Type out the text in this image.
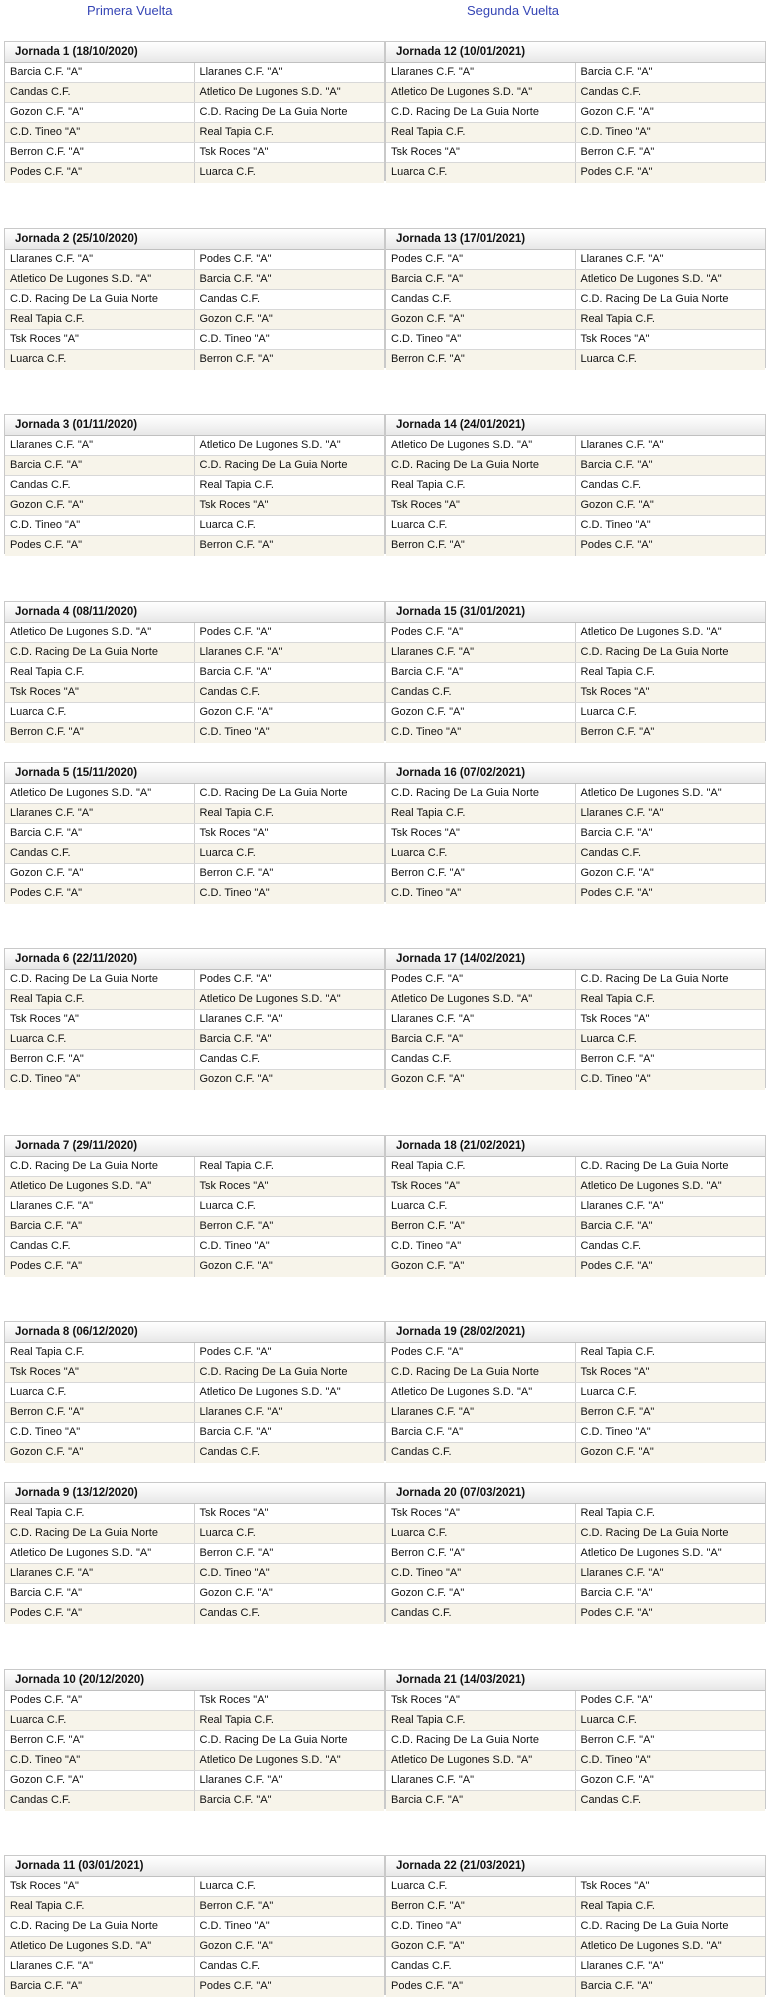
Primera Vuelta	Segunda Vuelta
Jornada 1 (18/10/2020)
Barcia C.F. "A"	Llaranes C.F. "A"
Candas C.F.	Atletico De Lugones S.D. "A"
Gozon C.F. "A"	C.D. Racing De La Guia Norte
C.D. Tineo "A"	Real Tapia C.F.
Berron C.F. "A"	Tsk Roces "A"
Podes C.F. "A"	Luarca C.F.
Jornada 12 (10/01/2021)
Llaranes C.F. "A"	Barcia C.F. "A"
Atletico De Lugones S.D. "A"	Candas C.F.
C.D. Racing De La Guia Norte	Gozon C.F. "A"
Real Tapia C.F.	C.D. Tineo "A"
Tsk Roces "A"	Berron C.F. "A"
Luarca C.F.	Podes C.F. "A"
Jornada 2 (25/10/2020)
Llaranes C.F. "A"	Podes C.F. "A"
Atletico De Lugones S.D. "A"	Barcia C.F. "A"
C.D. Racing De La Guia Norte	Candas C.F.
Real Tapia C.F.	Gozon C.F. "A"
Tsk Roces "A"	C.D. Tineo "A"
Luarca C.F.	Berron C.F. "A"
Jornada 13 (17/01/2021)
Podes C.F. "A"	Llaranes C.F. "A"
Barcia C.F. "A"	Atletico De Lugones S.D. "A"
Candas C.F.	C.D. Racing De La Guia Norte
Gozon C.F. "A"	Real Tapia C.F.
C.D. Tineo "A"	Tsk Roces "A"
Berron C.F. "A"	Luarca C.F.
Jornada 3 (01/11/2020)
Llaranes C.F. "A"	Atletico De Lugones S.D. "A"
Barcia C.F. "A"	C.D. Racing De La Guia Norte
Candas C.F.	Real Tapia C.F.
Gozon C.F. "A"	Tsk Roces "A"
C.D. Tineo "A"	Luarca C.F.
Podes C.F. "A"	Berron C.F. "A"
Jornada 14 (24/01/2021)
Atletico De Lugones S.D. "A"	Llaranes C.F. "A"
C.D. Racing De La Guia Norte	Barcia C.F. "A"
Real Tapia C.F.	Candas C.F.
Tsk Roces "A"	Gozon C.F. "A"
Luarca C.F.	C.D. Tineo "A"
Berron C.F. "A"	Podes C.F. "A"
Jornada 4 (08/11/2020)
Atletico De Lugones S.D. "A"	Podes C.F. "A"
C.D. Racing De La Guia Norte	Llaranes C.F. "A"
Real Tapia C.F.	Barcia C.F. "A"
Tsk Roces "A"	Candas C.F.
Luarca C.F.	Gozon C.F. "A"
Berron C.F. "A"	C.D. Tineo "A"
Jornada 15 (31/01/2021)
Podes C.F. "A"	Atletico De Lugones S.D. "A"
Llaranes C.F. "A"	C.D. Racing De La Guia Norte
Barcia C.F. "A"	Real Tapia C.F.
Candas C.F.	Tsk Roces "A"
Gozon C.F. "A"	Luarca C.F.
C.D. Tineo "A"	Berron C.F. "A"
Jornada 5 (15/11/2020)
Atletico De Lugones S.D. "A"	C.D. Racing De La Guia Norte
Llaranes C.F. "A"	Real Tapia C.F.
Barcia C.F. "A"	Tsk Roces "A"
Candas C.F.	Luarca C.F.
Gozon C.F. "A"	Berron C.F. "A"
Podes C.F. "A"	C.D. Tineo "A"
Jornada 16 (07/02/2021)
C.D. Racing De La Guia Norte	Atletico De Lugones S.D. "A"
Real Tapia C.F.	Llaranes C.F. "A"
Tsk Roces "A"	Barcia C.F. "A"
Luarca C.F.	Candas C.F.
Berron C.F. "A"	Gozon C.F. "A"
C.D. Tineo "A"	Podes C.F. "A"
Jornada 6 (22/11/2020)
C.D. Racing De La Guia Norte	Podes C.F. "A"
Real Tapia C.F.	Atletico De Lugones S.D. "A"
Tsk Roces "A"	Llaranes C.F. "A"
Luarca C.F.	Barcia C.F. "A"
Berron C.F. "A"	Candas C.F.
C.D. Tineo "A"	Gozon C.F. "A"
Jornada 17 (14/02/2021)
Podes C.F. "A"	C.D. Racing De La Guia Norte
Atletico De Lugones S.D. "A"	Real Tapia C.F.
Llaranes C.F. "A"	Tsk Roces "A"
Barcia C.F. "A"	Luarca C.F.
Candas C.F.	Berron C.F. "A"
Gozon C.F. "A"	C.D. Tineo "A"
Jornada 7 (29/11/2020)
C.D. Racing De La Guia Norte	Real Tapia C.F.
Atletico De Lugones S.D. "A"	Tsk Roces "A"
Llaranes C.F. "A"	Luarca C.F.
Barcia C.F. "A"	Berron C.F. "A"
Candas C.F.	C.D. Tineo "A"
Podes C.F. "A"	Gozon C.F. "A"
Jornada 18 (21/02/2021)
Real Tapia C.F.	C.D. Racing De La Guia Norte
Tsk Roces "A"	Atletico De Lugones S.D. "A"
Luarca C.F.	Llaranes C.F. "A"
Berron C.F. "A"	Barcia C.F. "A"
C.D. Tineo "A"	Candas C.F.
Gozon C.F. "A"	Podes C.F. "A"
Jornada 8 (06/12/2020)
Real Tapia C.F.	Podes C.F. "A"
Tsk Roces "A"	C.D. Racing De La Guia Norte
Luarca C.F.	Atletico De Lugones S.D. "A"
Berron C.F. "A"	Llaranes C.F. "A"
C.D. Tineo "A"	Barcia C.F. "A"
Gozon C.F. "A"	Candas C.F.
Jornada 19 (28/02/2021)
Podes C.F. "A"	Real Tapia C.F.
C.D. Racing De La Guia Norte	Tsk Roces "A"
Atletico De Lugones S.D. "A"	Luarca C.F.
Llaranes C.F. "A"	Berron C.F. "A"
Barcia C.F. "A"	C.D. Tineo "A"
Candas C.F.	Gozon C.F. "A"
Jornada 9 (13/12/2020)
Real Tapia C.F.	Tsk Roces "A"
C.D. Racing De La Guia Norte	Luarca C.F.
Atletico De Lugones S.D. "A"	Berron C.F. "A"
Llaranes C.F. "A"	C.D. Tineo "A"
Barcia C.F. "A"	Gozon C.F. "A"
Podes C.F. "A"	Candas C.F.
Jornada 20 (07/03/2021)
Tsk Roces "A"	Real Tapia C.F.
Luarca C.F.	C.D. Racing De La Guia Norte
Berron C.F. "A"	Atletico De Lugones S.D. "A"
C.D. Tineo "A"	Llaranes C.F. "A"
Gozon C.F. "A"	Barcia C.F. "A"
Candas C.F.	Podes C.F. "A"
Jornada 10 (20/12/2020)
Podes C.F. "A"	Tsk Roces "A"
Luarca C.F.	Real Tapia C.F.
Berron C.F. "A"	C.D. Racing De La Guia Norte
C.D. Tineo "A"	Atletico De Lugones S.D. "A"
Gozon C.F. "A"	Llaranes C.F. "A"
Candas C.F.	Barcia C.F. "A"
Jornada 21 (14/03/2021)
Tsk Roces "A"	Podes C.F. "A"
Real Tapia C.F.	Luarca C.F.
C.D. Racing De La Guia Norte	Berron C.F. "A"
Atletico De Lugones S.D. "A"	C.D. Tineo "A"
Llaranes C.F. "A"	Gozon C.F. "A"
Barcia C.F. "A"	Candas C.F.
Jornada 11 (03/01/2021)
Tsk Roces "A"	Luarca C.F.
Real Tapia C.F.	Berron C.F. "A"
C.D. Racing De La Guia Norte	C.D. Tineo "A"
Atletico De Lugones S.D. "A"	Gozon C.F. "A"
Llaranes C.F. "A"	Candas C.F.
Barcia C.F. "A"	Podes C.F. "A"
Jornada 22 (21/03/2021)
Luarca C.F.	Tsk Roces "A"
Berron C.F. "A"	Real Tapia C.F.
C.D. Tineo "A"	C.D. Racing De La Guia Norte
Gozon C.F. "A"	Atletico De Lugones S.D. "A"
Candas C.F.	Llaranes C.F. "A"
Podes C.F. "A"	Barcia C.F. "A"
